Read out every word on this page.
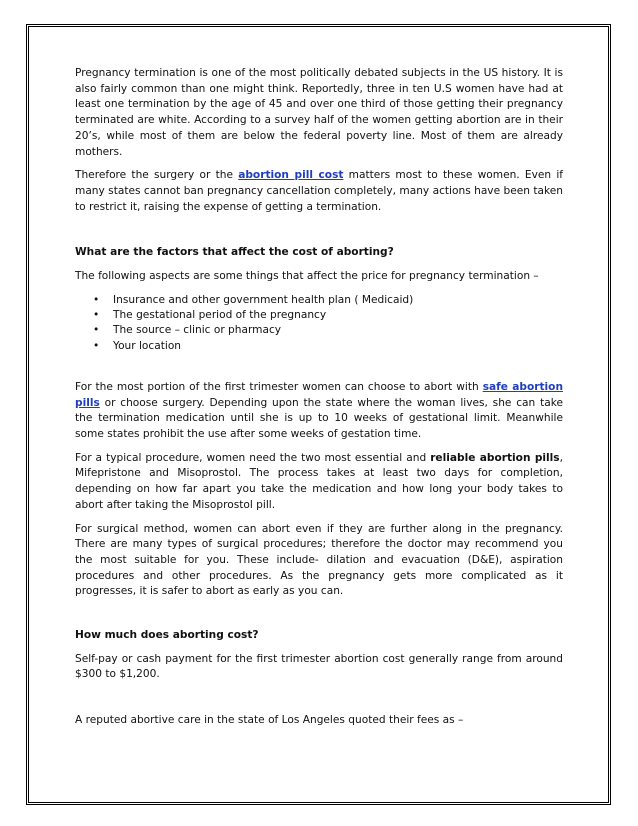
Pregnancy termination is one of the most politically debated subjects in the US history. It is also fairly common than one might think. Reportedly, three in ten U.S women have had at least one termination by the age of 45 and over one third of those getting their pregnancy terminated are white. According to a survey half of the women getting abortion are in their 20’s, while most of them are below the federal poverty line. Most of them are already mothers.

Therefore the surgery or the abortion pill cost matters most to these women. Even if many states cannot ban pregnancy cancellation completely, many actions have been taken to restrict it, raising the expense of getting a termination.

What are the factors that affect the cost of aborting?

The following aspects are some things that affect the price for pregnancy termination –

• Insurance and other government health plan ( Medicaid)
• The gestational period of the pregnancy
• The source – clinic or pharmacy
• Your location

For the most portion of the first trimester women can choose to abort with safe abortion pills or choose surgery. Depending upon the state where the woman lives, she can take the termination medication until she is up to 10 weeks of gestational limit. Meanwhile some states prohibit the use after some weeks of gestation time.

For a typical procedure, women need the two most essential and reliable abortion pills, Mifepristone and Misoprostol. The process takes at least two days for completion, depending on how far apart you take the medication and how long your body takes to abort after taking the Misoprostol pill.

For surgical method, women can abort even if they are further along in the pregnancy. There are many types of surgical procedures; therefore the doctor may recommend you the most suitable for you. These include- dilation and evacuation (D&E), aspiration procedures and other procedures. As the pregnancy gets more complicated as it progresses, it is safer to abort as early as you can.

How much does aborting cost?

Self-pay or cash payment for the first trimester abortion cost generally range from around $300 to $1,200.

A reputed abortive care in the state of Los Angeles quoted their fees as –
